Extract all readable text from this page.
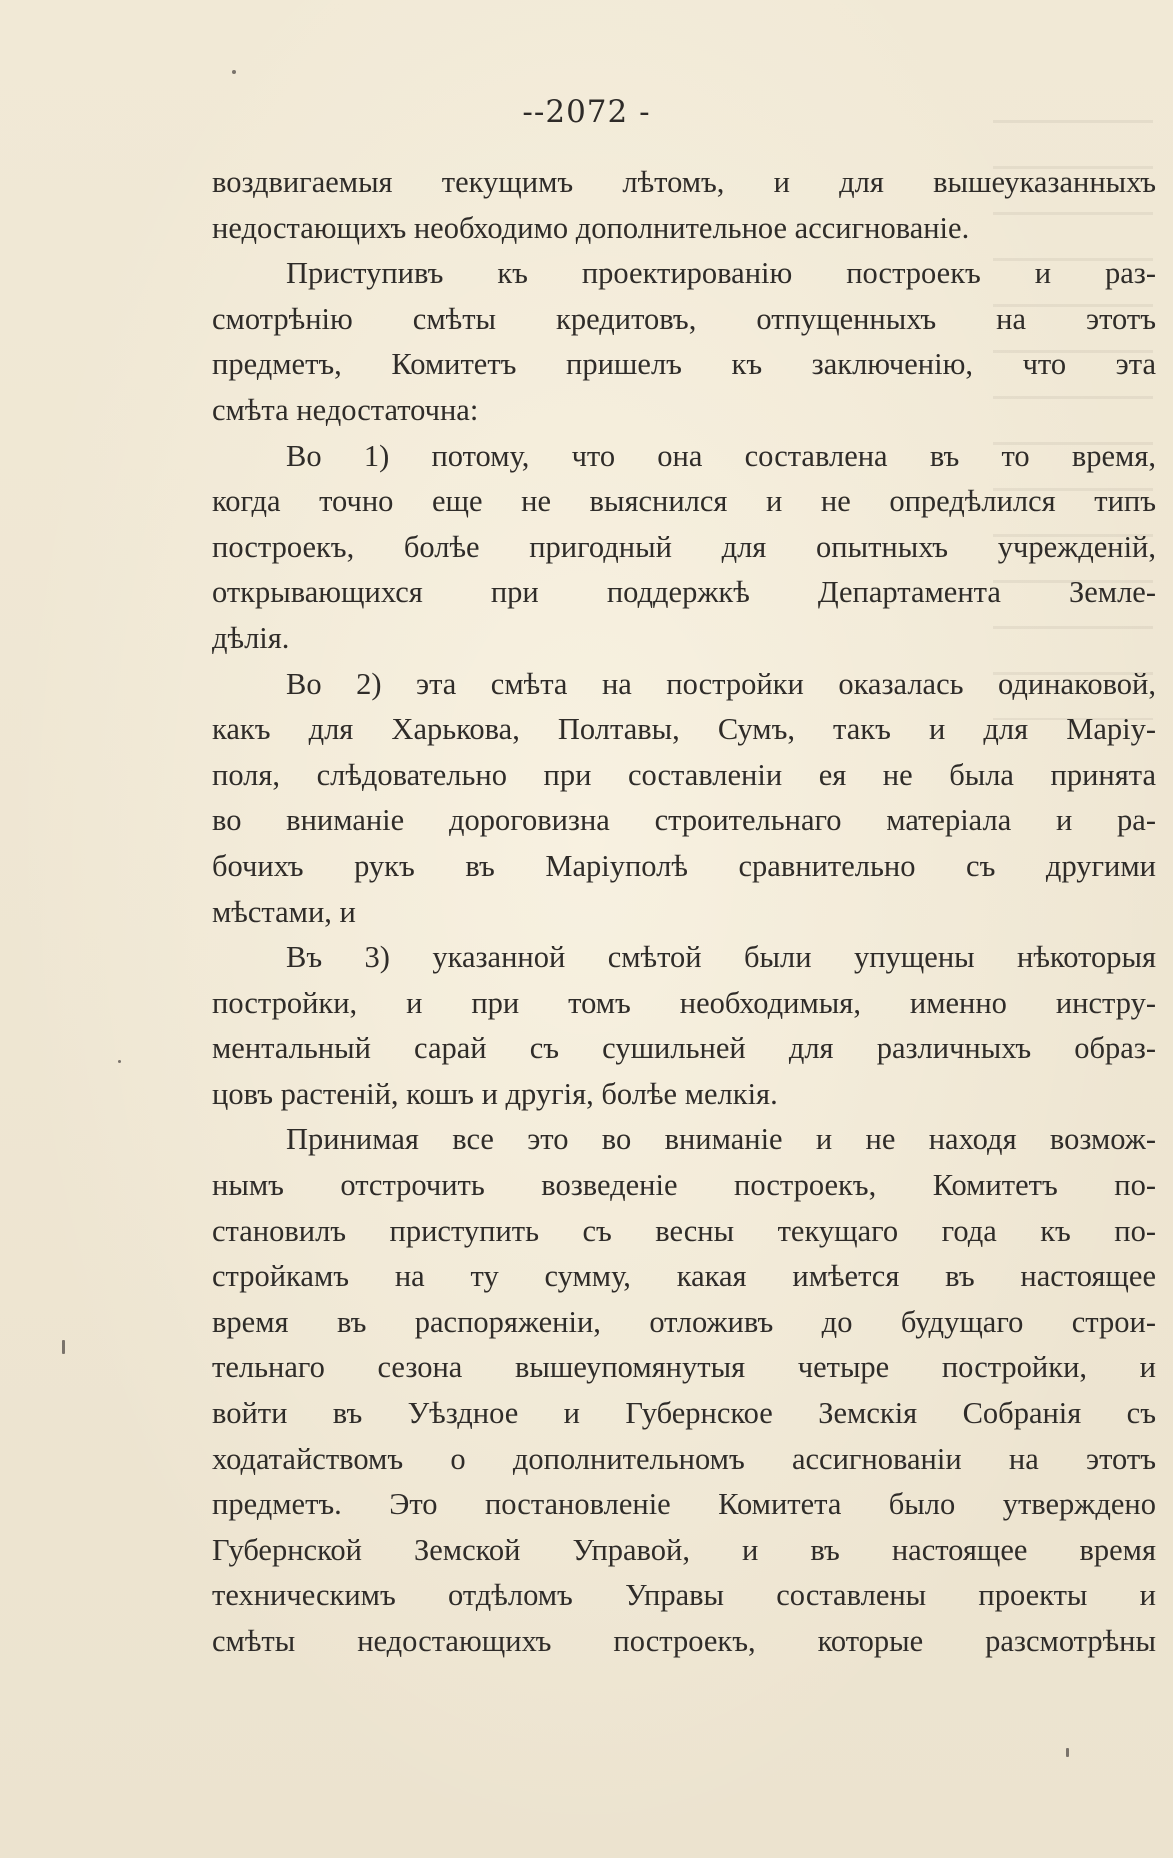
--2072 -
воздвигаемыя текущимъ лѣтомъ, и для вышеуказанныхъ
недостающихъ необходимо дополнительное ассигнованіе.
Приступивъ къ проектированію построекъ и раз-
смотрѣнію смѣты кредитовъ, отпущенныхъ на этотъ
предметъ, Комитетъ пришелъ къ заключенію, что эта
смѣта недостаточна:
Во 1) потому, что она составлена въ то время,
когда точно еще не выяснился и не опредѣлился типъ
построекъ, болѣе пригодный для опытныхъ учрежденій,
открывающихся при поддержкѣ Департамента Земле-
дѣлія.
Во 2) эта смѣта на постройки оказалась одинаковой,
какъ для Харькова, Полтавы, Сумъ, такъ и для Маріу-
поля, слѣдовательно при составленіи ея не была принята
во вниманіе дороговизна строительнаго матеріала и ра-
бочихъ рукъ въ Маріуполѣ сравнительно съ другими
мѣстами, и
Въ 3) указанной смѣтой были упущены нѣкоторыя
постройки, и при томъ необходимыя, именно инстру-
ментальный сарай съ сушильней для различныхъ образ-
цовъ растеній, кошъ и другія, болѣе мелкія.
Принимая все это во вниманіе и не находя возмож-
нымъ отстрочить возведеніе построекъ, Комитетъ по-
становилъ приступить съ весны текущаго года къ по-
стройкамъ на ту сумму, какая имѣется въ настоящее
время въ распоряженіи, отложивъ до будущаго строи-
тельнаго сезона вышеупомянутыя четыре постройки, и
войти въ Уѣздное и Губернское Земскія Собранія съ
ходатайствомъ о дополнительномъ ассигнованіи на этотъ
предметъ. Это постановленіе Комитета было утверждено
Губернской Земской Управой, и въ настоящее время
техническимъ отдѣломъ Управы составлены проекты и
смѣты недостающихъ построекъ, которые разсмотрѣны
